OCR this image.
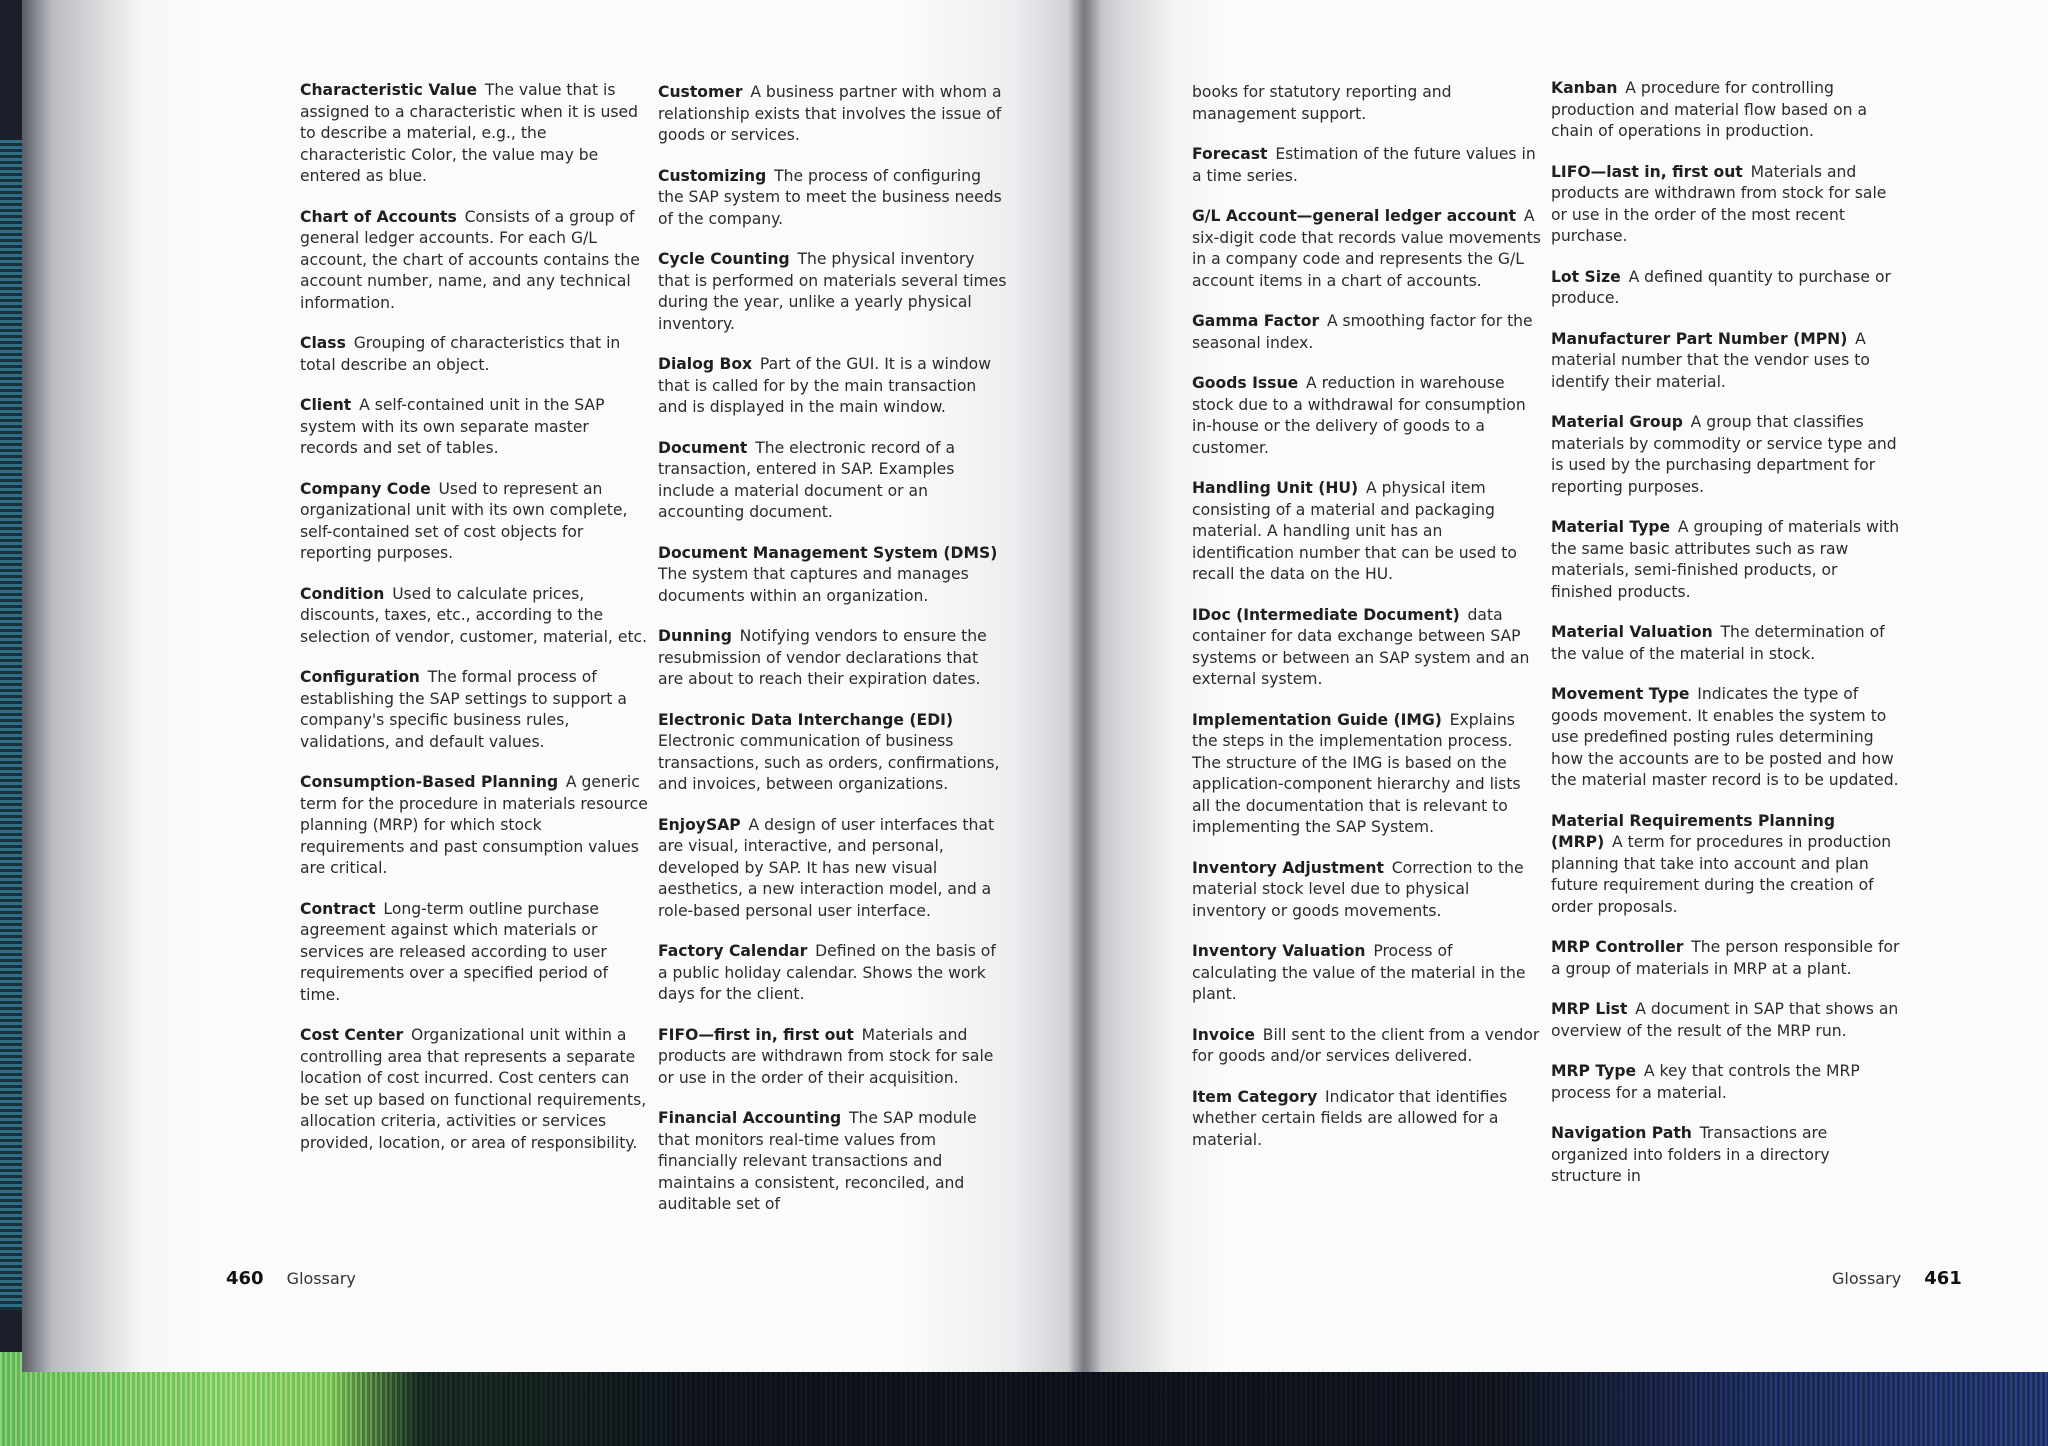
Characteristic Value  The value that is assigned to a characteristic when it is used to describe a material, e.g., the characteristic Color, the value may be entered as blue.

Chart of Accounts  Consists of a group of general ledger accounts. For each G/L account, the chart of accounts contains the account number, name, and any technical information.

Class  Grouping of characteristics that in total describe an object.

Client  A self-contained unit in the SAP system with its own separate master records and set of tables.

Company Code  Used to represent an organizational unit with its own complete, self-contained set of cost objects for reporting purposes.

Condition  Used to calculate prices, discounts, taxes, etc., according to the selection of vendor, customer, material, etc.

Configuration  The formal process of establishing the SAP settings to support a company's specific business rules, validations, and default values.

Consumption-Based Planning  A generic term for the procedure in materials resource planning (MRP) for which stock requirements and past consumption values are critical.

Contract  Long-term outline purchase agreement against which materials or services are released according to user requirements over a specified period of time.

Cost Center  Organizational unit within a controlling area that represents a separate location of cost incurred. Cost centers can be set up based on functional requirements, allocation criteria, activities or services provided, location, or area of responsibility.

Customer  A business partner with whom a relationship exists that involves the issue of goods or services.

Customizing  The process of configuring the SAP system to meet the business needs of the company.

Cycle Counting  The physical inventory that is performed on materials several times during the year, unlike a yearly physical inventory.

Dialog Box  Part of the GUI. It is a window that is called for by the main transaction and is displayed in the main window.

Document  The electronic record of a transaction, entered in SAP. Examples include a material document or an accounting document.

Document Management System (DMS) The system that captures and manages documents within an organization.

Dunning  Notifying vendors to ensure the resubmission of vendor declarations that are about to reach their expiration dates.

Electronic Data Interchange (EDI) Electronic communication of business transactions, such as orders, confirmations, and invoices, between organizations.

EnjoySAP  A design of user interfaces that are visual, interactive, and personal, developed by SAP. It has new visual aesthetics, a new interaction model, and a role-based personal user interface.

Factory Calendar  Defined on the basis of a public holiday calendar. Shows the work days for the client.

FIFO—first in, first out  Materials and products are withdrawn from stock for sale or use in the order of their acquisition.

Financial Accounting  The SAP module that monitors real-time values from financially relevant transactions and maintains a consistent, reconciled, and auditable set of

books for statutory reporting and management support.

Forecast  Estimation of the future values in a time series.

G/L Account—general ledger account  A six-digit code that records value movements in a company code and represents the G/L account items in a chart of accounts.

Gamma Factor  A smoothing factor for the seasonal index.

Goods Issue  A reduction in warehouse stock due to a withdrawal for consumption in-house or the delivery of goods to a customer.

Handling Unit (HU)  A physical item consisting of a material and packaging material. A handling unit has an identification number that can be used to recall the data on the HU.

IDoc (Intermediate Document)  data container for data exchange between SAP systems or between an SAP system and an external system.

Implementation Guide (IMG)  Explains the steps in the implementation process. The structure of the IMG is based on the application-component hierarchy and lists all the documentation that is relevant to implementing the SAP System.

Inventory Adjustment  Correction to the material stock level due to physical inventory or goods movements.

Inventory Valuation  Process of calculating the value of the material in the plant.

Invoice  Bill sent to the client from a vendor for goods and/or services delivered.

Item Category  Indicator that identifies whether certain fields are allowed for a material.

Kanban  A procedure for controlling production and material flow based on a chain of operations in production.

LIFO—last in, first out  Materials and products are withdrawn from stock for sale or use in the order of the most recent purchase.

Lot Size  A defined quantity to purchase or produce.

Manufacturer Part Number (MPN)  A material number that the vendor uses to identify their material.

Material Group  A group that classifies materials by commodity or service type and is used by the purchasing department for reporting purposes.

Material Type  A grouping of materials with the same basic attributes such as raw materials, semi-finished products, or finished products.

Material Valuation  The determination of the value of the material in stock.

Movement Type  Indicates the type of goods movement. It enables the system to use predefined posting rules determining how the accounts are to be posted and how the material master record is to be updated.

Material Requirements Planning (MRP)  A term for procedures in production planning that take into account and plan future requirement during the creation of order proposals.

MRP Controller  The person responsible for a group of materials in MRP at a plant.

MRP List  A document in SAP that shows an overview of the result of the MRP run.

MRP Type  A key that controls the MRP process for a material.

Navigation Path  Transactions are organized into folders in a directory structure in

460 Glossary	Glossary 461
